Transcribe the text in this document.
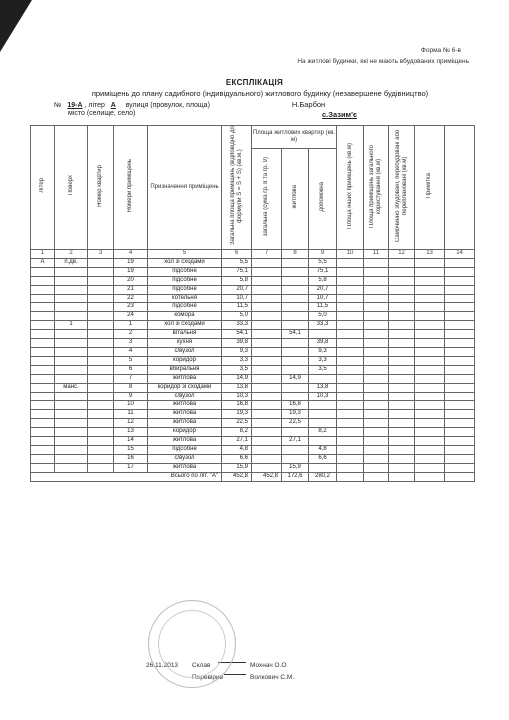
Форма № 6-в
На житлові будинки, які не мають вбудованих приміщень
ЕКСПЛІКАЦІЯ
приміщень до плану садибного (індивідуального) житлового будинку (незавершене будівництво)
№ 19-А , літер А вулиця (провулок, площа)	Н.Барбон
місто (селище, село)	с.Зазим'є
Літер	Поверх	Номер квартир	Номери приміщень	Призначення приміщень	Загальна площа приміщень (відповідно до формули S = S + S) (кв.м.)	Площа житлових квартир (кв. м)			Площа інших приміщень (кв.м)	Площа приміщень загального користування (кв.м)	Самочинно збудовані, перебудовані або переплановані (кв.м)	Примітка	
						загальна (сума гр. 8 та гр. 9)	житлова	допоміжна					
1	2	3	4	5	6	7	8	9	10	11	12	13	14
А	п.дв.		19	хол зі сходами	5,5			5,5					
			19	підсобне	75,1			75,1					
			20	підсобне	5,8			5,8					
			21	підсобне	20,7			20,7					
			22	котельня	10,7			10,7					
			23	підсобне	11,5			11,5					
			24	комора	5,0			5,0					
	1		1	хол зі сходами	33,3			33,3					
			2	вітальня	54,1		54,1						
			3	кухня	39,8			39,8					
			4	с/вузол	9,3			9,3					
			5	коридор	3,3			3,3					
			6	вбиральня	3,5			3,5					
			7	житлова	14,9		14,9						
	манс.		8	коридор зі сходами	13,8			13,8					
			9	с/вузол	10,3			10,3					
			10	житлова	16,8		16,8						
			11	житлова	19,3		19,3						
			12	житлова	22,5		22,5						
			13	коридор	8,2			8,2					
			14	житлова	27,1		27,1						
			15	підсобне	4,8			4,8					
			16	с/вузол	6,6			6,6					
			17	житлова	15,9		15,9						
Всього по літ. "А"					452,8	452,8	172,6	280,2					
26.11.2013 Склав	Мохнач О.О
Перевірив	Волкович С.М.
